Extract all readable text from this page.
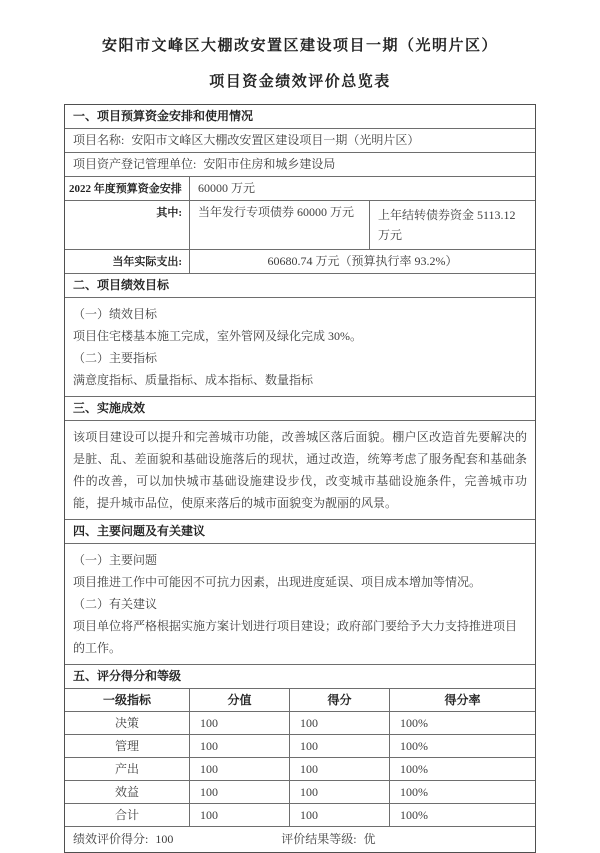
安阳市文峰区大棚改安置区建设项目一期（光明片区）
项目资金绩效评价总览表
一、项目预算资金安排和使用情况
项目名称: 安阳市文峰区大棚改安置区建设项目一期（光明片区）
项目资产登记管理单位: 安阳市住房和城乡建设局
2022 年度预算资金安排	60000 万元
其中:	当年发行专项债券 60000 万元	上年结转债券资金 5113.12 万元
当年实际支出:	60680.74 万元（预算执行率 93.2%）
二、项目绩效目标
（一）绩效目标
项目住宅楼基本施工完成，室外管网及绿化完成 30%。
（二）主要指标
满意度指标、质量指标、成本指标、数量指标
三、实施成效
该项目建设可以提升和完善城市功能，改善城区落后面貌。棚户区改造首先要解决的是脏、乱、差面貌和基础设施落后的现状，通过改造，统筹考虑了服务配套和基础条件的改善，可以加快城市基础设施建设步伐，改变城市基础设施条件，完善城市功能，提升城市品位，使原来落后的城市面貌变为靓丽的风景。
四、主要问题及有关建议
（一）主要问题
项目推进工作中可能因不可抗力因素，出现进度延误、项目成本增加等情况。
（二）有关建议
项目单位将严格根据实施方案计划进行项目建设；政府部门要给予大力支持推进项目的工作。
五、评分得分和等级
一级指标	分值	得分	得分率
决策	100	100	100%
管理	100	100	100%
产出	100	100	100%
效益	100	100	100%
合计	100	100	100%
绩效评价得分: 100	评价结果等级: 优
